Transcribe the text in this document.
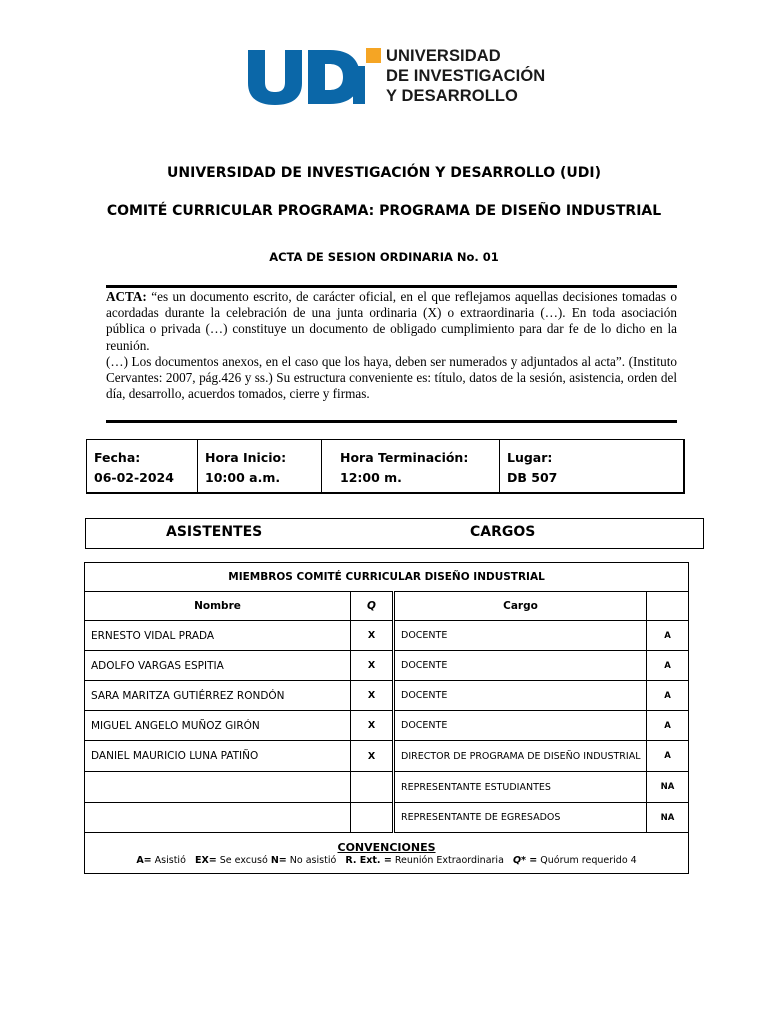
UNIVERSIDAD
DE INVESTIGACIÓN
Y DESARROLLO
UNIVERSIDAD DE INVESTIGACIÓN Y DESARROLLO (UDI)
COMITÉ CURRICULAR PROGRAMA: PROGRAMA DE DISEÑO INDUSTRIAL
ACTA DE SESION ORDINARIA No. 01

ACTA: “es un documento escrito, de carácter oficial, en el que reflejamos aquellas decisiones tomadas o acordadas durante la celebración de una junta ordinaria (X) o extraordinaria (…). En toda asociación pública o privada (…) constituye un documento de obligado cumplimiento para dar fe de lo dicho en la reunión.

(…) Los documentos anexos, en el caso que los haya, deben ser numerados y adjuntados al acta”. (Instituto Cervantes: 2007, pág.426 y ss.) Su estructura conveniente es: título, datos de la sesión, asistencia, orden del día, desarrollo, acuerdos tomados, cierre y firmas.

Fecha:
06-02-2024
Hora Inicio:
10:00 a.m.
Hora Terminación:
12:00 m.
Lugar:
DB 507
ASISTENTES	CARGOS
MIEMBROS COMITÉ CURRICULAR DISEÑO INDUSTRIAL			
Nombre	Q	Cargo	
ERNESTO VIDAL PRADA	X	DOCENTE	A
ADOLFO VARGAS ESPITIA	X	DOCENTE	A
SARA MARITZA GUTIÉRREZ RONDÓN	X	DOCENTE	A
MIGUEL ANGELO MUÑOZ GIRÓN	X	DOCENTE	A
DANIEL MAURICIO LUNA PATIÑO	X	DIRECTOR DE PROGRAMA DE DISEÑO INDUSTRIAL	A
		REPRESENTANTE ESTUDIANTES	NA
		REPRESENTANTE DE EGRESADOS	NA

CONVENCIONES
A= Asistió EX= Se excusó N= No asistió R. Ext. = Reunión Extraordinaria Q* = Quórum requerido 4			
